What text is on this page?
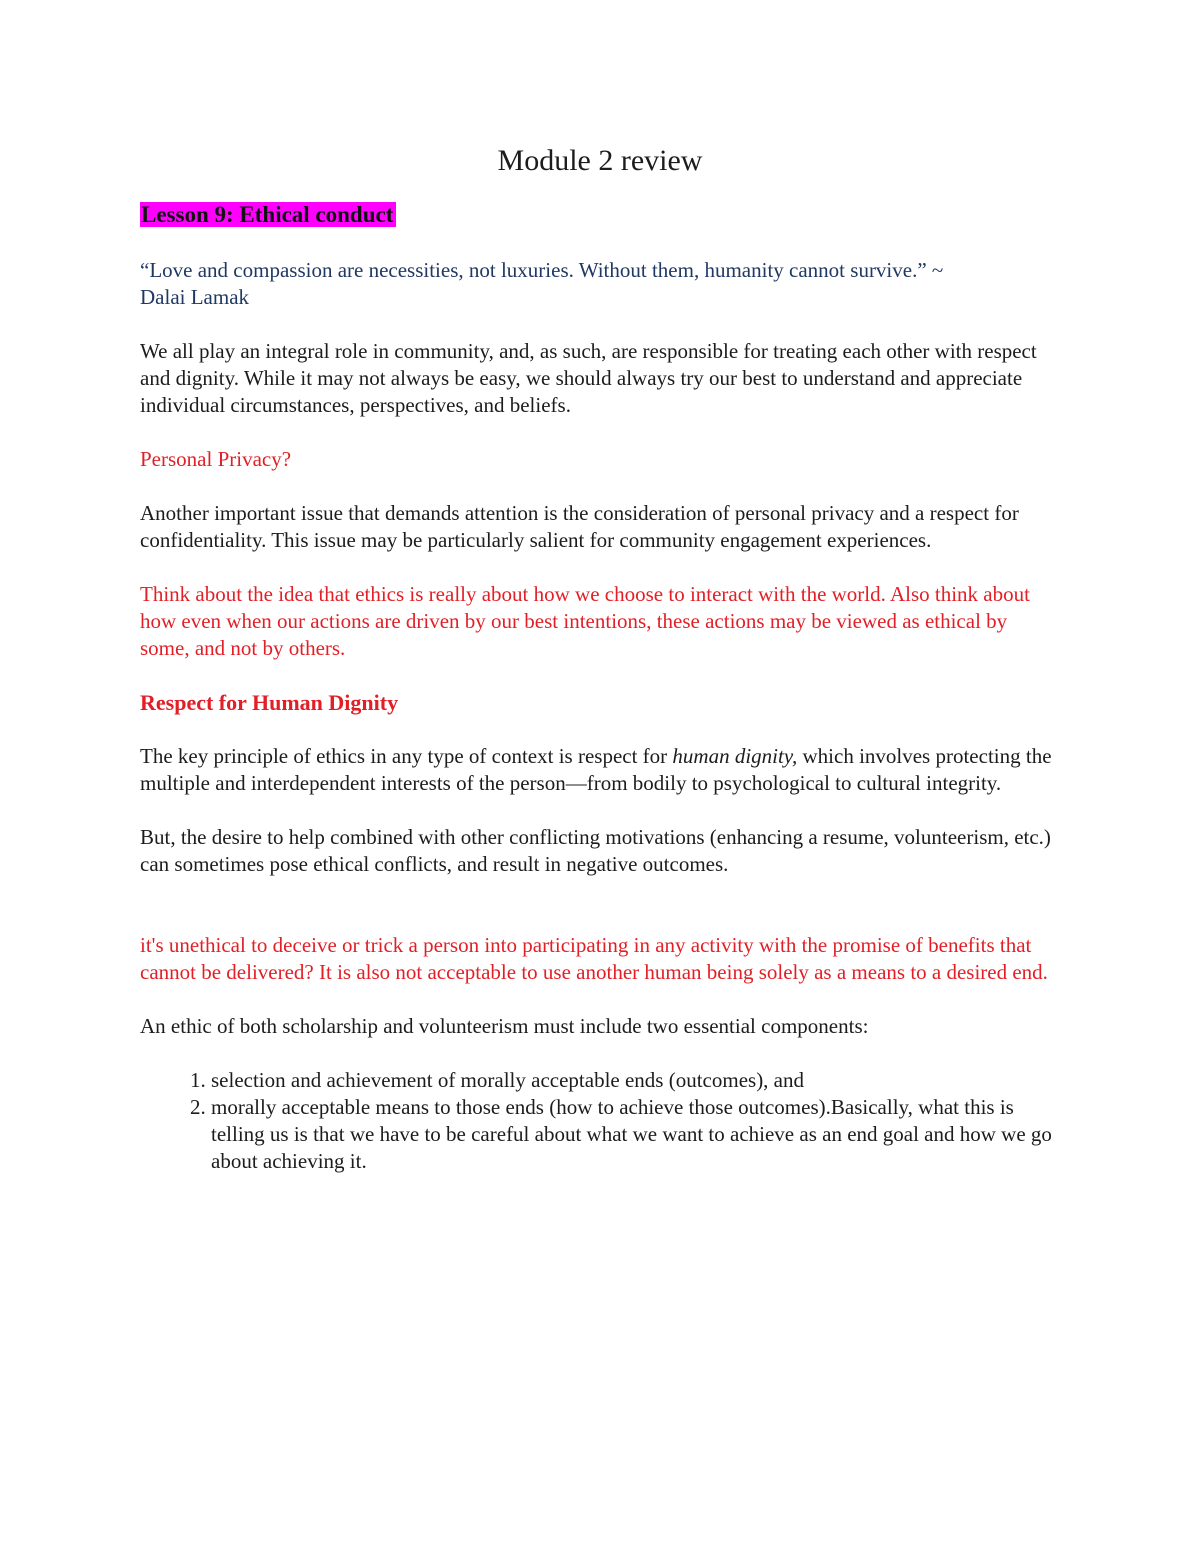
Module 2 review
Lesson 9: Ethical conduct

“Love and compassion are necessities, not luxuries. Without them, humanity cannot survive.” ~
Dalai Lamak

We all play an integral role in community, and, as such, are responsible for treating each other with respect and dignity. While it may not always be easy, we should always try our best to understand and appreciate individual circumstances, perspectives, and beliefs.

Personal Privacy?

Another important issue that demands attention is the consideration of personal privacy and a respect for confidentiality. This issue may be particularly salient for community engagement experiences.

Think about the idea that ethics is really about how we choose to interact with the world. Also think about how even when our actions are driven by our best intentions, these actions may be viewed as ethical by some, and not by others.

Respect for Human Dignity

The key principle of ethics in any type of context is respect for human dignity, which involves protecting the multiple and interdependent interests of the person—from bodily to psychological to cultural integrity.

But, the desire to help combined with other conflicting motivations (enhancing a resume, volunteerism, etc.) can sometimes pose ethical conflicts, and result in negative outcomes.

it's unethical to deceive or trick a person into participating in any activity with the promise of benefits that cannot be delivered? It is also not acceptable to use another human being solely as a means to a desired end.

An ethic of both scholarship and volunteerism must include two essential components:

1. selection and achievement of morally acceptable ends (outcomes), and
2. morally acceptable means to those ends (how to achieve those outcomes).Basically, what this is telling us is that we have to be careful about what we want to achieve as an end goal and how we go about achieving it.
